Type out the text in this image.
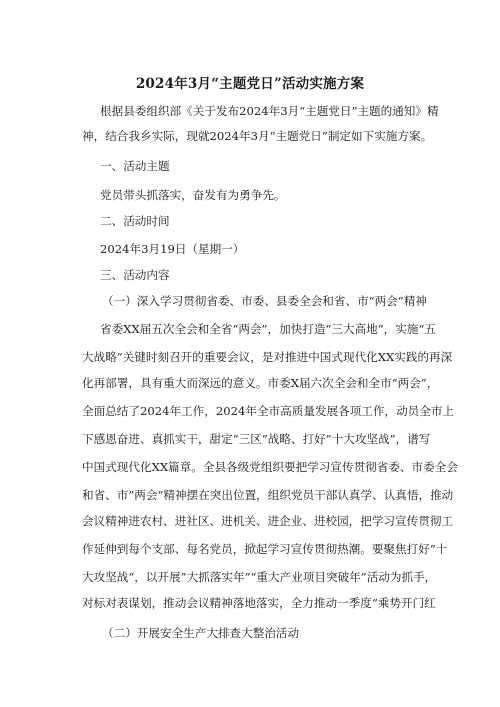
2024年3月“主题党日”活动实施方案
根据县委组织部《关于发布2024年3月“主题党日”主题的通知》精
神，结合我乡实际，现就2024年3月“主题党日”制定如下实施方案。
一、活动主题
党员带头抓落实，奋发有为勇争先。
二、活动时间
2024年3月19日（星期一）
三、活动内容
（一）深入学习贯彻省委、市委、县委全会和省、市“两会“精神
省委XX届五次全会和全省“两会”，加快打造“三大高地”，实施“五
大战略”关键时刻召开的重要会议，是对推进中国式现代化XX实践的再深
化再部署，具有重大而深远的意义。市委X届六次全会和全市“两会”，
全面总结了2024年工作，2024年全市高质量发展各项工作，动员全市上
下感恩奋进、真抓实干，甜定“三区”战略、打好”十大攻坚战”，谱写
中国式现代化XX篇章。全县各级党组织要把学习宣传贯彻省委、市委全会
和省、市”两会“精神摆在突出位置，组织党员干部认真学、认真悟，推动
会议精神进农村、进社区、进机关、进企业、进校园，把学习宣传贯彻工
作延伸到每个支部、每名党员，掀起学习宣传贯彻热潮。要聚焦打好”十
大攻坚战“，以开展”大抓落实年”“重大产业项目突破年”活动为抓手，
对标对表谋划，推动会议精神落地落实，全力推动一季度“乘势开门红
（二）开展安全生产大排查大整治活动
